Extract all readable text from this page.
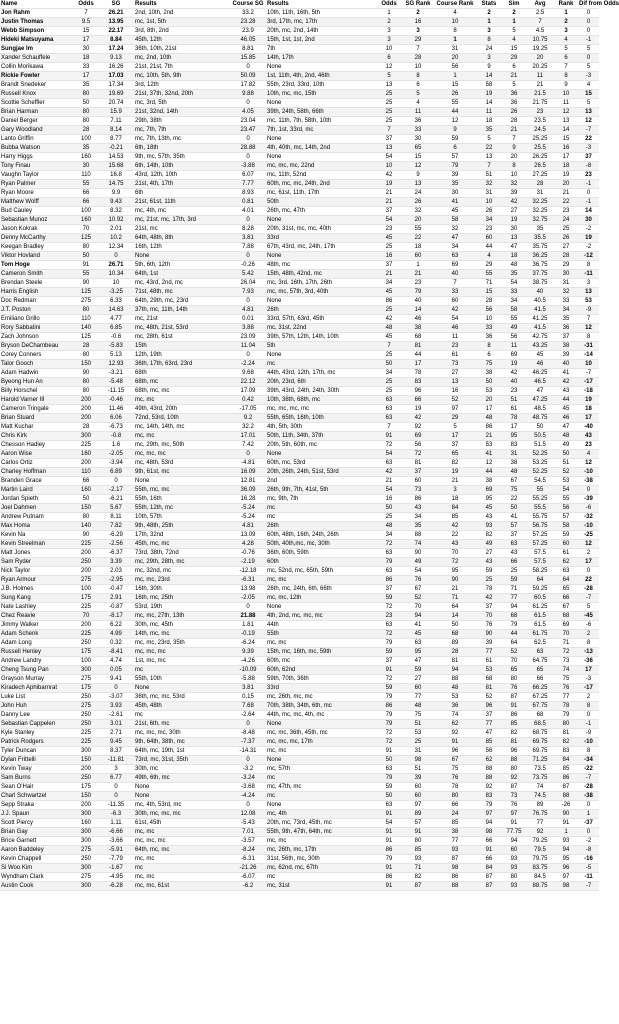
Name	Odds	SG	Results	Course SG	Results	Odds	SG Rank	Course Rank	Stats	Sim	Avg	Rank	Dif from Odds
Jon Rahm	7	26.21	2nd, 10th, 2nd	33.2	10th, 11th, 16th, 5th	1	2	4	2	2	2.5	1	0
Justin Thomas	9.5	13.95	mc, 1st, 5th	23.28	3rd, 17th, mc, 17th	2	16	10	1	1	7	2	0
Webb Simpson	15	22.17	3rd, 8th, 2nd	23.9	20th, mc, 2nd, 14th	3	3	8	3	5	4.5	3	0
Hideki Matsuyama	17	8.84	45th, 12th	46.05	15th, 1st, 1st, 2nd	3	29	1	8	4	10.75	4	-1
Sungjae Im	30	17.24	36th, 10th, 21st	8.81	7th	10	7	31	24	15	19.25	5	5
Xander Schauffele	18	9.13	mc, 2nd, 10th	15.85	14th, 17th	6	28	20	3	29	20	6	0
Collin Morikawa	33	16.26	21st, 21st, 7th	0	None	12	10	56	9	6	20.25	7	5
Rickie Fowler	17	17.03	mc, 10th, 5th, 9th	50.09	1st, 11th, 4th, 2nd, 46th	5	8	1	14	21	11	8	-3
Brandt Snedeker	35	17.34	3rd, 12th	17.82	55th, 23rd, 33rd, 10th	13	6	15	58	5	21	9	4
Russell Knox	80	19.69	21st, 37th, 32nd, 20th	9.88	10th, mc, mc, 15th	25	5	26	19	36	21.5	10	15
Scottie Scheffler	50	20.74	mc, 3rd, 5th	0	None	25	4	55	14	36	21.75	11	5
Brian Harman	80	15.9	21st, 32nd, 14th	4.05	39th, 24th, 58th, 66th	25	11	44	11	26	23	12	13
Daniel Berger	80	7.11	29th, 38th	23.04	mc, 11th, 7th, 58th, 10th	25	36	12	18	28	23.5	13	12
Gary Woodland	28	8.14	mc, 7th, 7th	23.47	7th, 1st, 33rd, mc	7	33	9	35	21	24.5	14	-7
Lanto Griffin	100	8.77	mc, 7th, 13th, mc	0	None	37	30	59	5	7	25.25	15	22
Bubba Watson	35	-0.21	6th, 18th	28.88	4th, 40th, mc, 14th, 2nd	13	65	6	22	9	25.5	16	-3
Harry Higgs	160	14.53	9th, mc, 57th, 35th	0	None	54	15	57	13	20	26.25	17	37
Tony Finau	30	15.68	6th, 14th, 10th	-3.88	mc, mc, mc, 22nd	10	12	79	7	8	26.5	18	-8
Vaughn Taylor	110	16.8	43rd, 12th, 10th	6.07	mc, 11th, 52nd	42	9	39	51	10	27.25	19	23
Ryan Palmer	55	14.75	21st, 4th, 17th	7.77	60th, mc, mc, 24th, 2nd	19	13	35	32	32	28	20	-1
Ryan Moore	66	9.9	6th	8.93	mc, 61st, 11th, 17th	21	24	30	31	39	31	21	0
Matthew Wolff	66	9.43	21st, 61st, 11th	0.81	50th	21	26	41	10	42	32.25	22	-1
Bud Cauley	100	8.32	mc, 4th, mc	4.01	26th, mc, 47th	37	32	45	26	27	32.25	23	14
Sebastian Munoz	160	10.92	mc, 21st, mc, 17th, 3rd	0	None	54	20	58	34	19	32.75	24	30
Jason Kokrak	70	2.01	21st, mc	8.28	20th, 31st, mc, mc, 40th	23	55	32	23	30	35	25	-2
Denny McCarthy	125	10.2	64th, 48th, 8th	3.81	33rd	45	22	47	60	13	35.5	26	19
Keegan Bradley	80	12.34	16th, 12th	7.88	67th, 43rd, mc, 24th, 17th	25	18	34	44	47	35.75	27	-2
Viktor Hovland	50	0	None	0	None	16	60	63	4	18	36.25	28	-12
Tom Hoge	91	26.71	5th, 6th, 12th	-0.26	48th, mc	37	1	69	29	48	36.75	29	8
Cameron Smith	55	10.34	64th, 1st	5.42	15th, 48th, 42nd, mc	21	21	40	55	35	37.75	30	-11
Brendan Steele	90	10	mc, 43rd, 2nd, mc	26.04	mc, 3rd, 16th, 17th, 26th	34	23	7	71	54	38.75	31	3
Harris English	125	-3.25	71st, 48th, mc	7.93	mc, mc, 57th, 3rd, 40th	45	79	33	15	33	40	32	13
Doc Redman	275	6.33	64th, 29th, mc, 23rd	0	None	86	40	60	28	34	40.5	33	53
J.T. Poston	80	14.63	37th, mc, 11th, 14th	4.81	26th	25	14	42	56	58	41.5	34	-9
Emiliano Grillo	110	4.77	mc, 21st	0.01	33rd, 57th, 63rd, 45th	42	46	54	10	55	41.25	35	7
Rory Sabbatini	140	6.85	mc, 48th, 21st, 53rd	3.88	mc, 31st, 22nd	48	38	46	33	49	41.5	36	12
Zach Johnson	125	-0.6	mc, 28th, 61st	23.09	39th, 57th, 12th, 14th, 10th	45	68	11	36	56	42.75	37	8
Bryson DeChambeau	28	-5.83	15th	11.04	5th	7	81	23	8	11	43.25	38	-31
Corey Conners	80	5.13	12th, 19th	0	None	25	44	61	6	69	45	39	-14
Talor Gooch	150	12.93	36th, 17th, 63rd, 23rd	-2.24	mc	50	17	73	75	19	46	40	10
Adam Hadwin	90	-3.21	68th	9.68	44th, 43rd, 12th, 17th, mc	34	78	27	38	42	46.25	41	-7
Byeong Hun An	80	-5.48	68th, mc	22.12	20th, 23rd, 6th	25	83	13	50	40	46.5	42	-17
Billy Horschel	80	-11.15	68th, mc, mc	17.09	39th, 43rd, 24th, 24th, 30th	25	96	16	53	23	47	43	-18
Harold Varner III	200	-0.46	mc, mc	0.42	10th, 38th, 68th, mc	63	66	52	20	51	47.25	44	19
Cameron Tringale	200	11.46	49th, 43rd, 20th	-17.05	mc, mc, mc, mc	63	19	97	17	61	48.5	45	18
Brian Stuard	200	6.06	72nd, 53rd, 10th	9.2	55th, 65th, 16th, 10th	63	42	29	48	78	48.75	46	17
Matt Kuchar	28	-6.73	mc, 14th, 14th, mc	32.2	4th, 5th, 30th	7	92	5	86	17	50	47	-40
Chris Kirk	300	-0.8	mc, mc	17.01	50th, 11th, 34th, 37th	91	69	17	21	95	50.5	48	43
Chesson Hadley	225	1.6	mc, 29th, mc, 50th	7.42	20th, 5th, 60th, mc	72	56	37	53	83	51.5	49	23
Aaron Wise	160	-2.05	mc, mc, mc	0	None	54	72	65	41	31	52.25	50	4
Carlos Ortiz	200	-3.94	mc, 48th, 53rd	-4.81	60th, mc, 53rd	63	81	82	12	38	53.25	51	12
Charley Hoffman	110	6.89	9th, 61st, mc	16.09	20th, 26th, 24th, 51st, 53rd	42	37	19	44	48	52.25	52	-10
Branden Grace	66	0	None	12.81	2nd	21	60	21	38	67	54.5	53	-38
Martin Laird	160	-2.17	55th, mc, mc	36.09	26th, 9th, 7th, 41st, 5th	54	73	3	69	75	55	54	0
Jordan Spieth	50	-6.21	55th, 16th	16.28	mc, 9th, 7th	16	86	18	95	22	55.25	55	-39
Joel Dahmen	150	5.67	55th, 12th, mc	-5.24	mc	50	43	84	45	50	55.5	56	-6
Andrew Putnam	80	8.11	10th, 57th	-5.24	mc	25	34	85	43	41	55.75	57	-32
Max Homa	140	7.82	9th, 48th, 25th	4.81	26th	48	35	42	93	57	56.75	58	-10
Kevin Na	90	-6.29	17th, 32nd	13.09	60th, 48th, 16th, 24th, 26th	34	88	22	82	37	57.25	59	-25
Kevin Streelman	225	-2.56	45th, mc, mc	4.28	50th, 40th,mc, mc, 30th	72	74	43	49	63	57.25	60	12
Matt Jones	200	-6.37	73rd, 38th, 72nd	-0.76	36th, 60th, 59th	63	90	70	27	43	57.5	61	2
Sam Ryder	250	3.39	mc, 29th, 28th, mc	-2.19	60th	79	49	72	43	66	57.5	62	17
Nick Taylor	200	2.03	mc, 32nd, mc	-12.18	mc, 52nd, mc, 65th, 59th	63	54	95	59	25	58.25	63	0
Ryan Armour	275	-2.95	mc, mc, 23rd	-6.31	mc, mc	86	76	90	25	59	64	64	22
J.B. Holmes	100	-0.47	16th, 30th	13.98	26th, mc, 24th, 6th, 66th	37	67	21	78	71	59.25	65	-28
Sung Kang	175	2.91	16th, mc, 25th	-2.05	mc, mc, 12th	59	52	71	42	77	60.5	66	-7
Nate Lashley	225	-0.87	53rd, 19th	0	None	72	70	64	37	94	61.25	67	5
Chez Reavie	70	-8.17	mc, mc, 27th, 13th	21.88	4th, 2nd, mc, mc, mc	23	94	14	70	68	61.5	68	-45
Jimmy Walker	200	6.22	30th, mc, 45th	1.81	44th	63	41	50	76	79	61.5	69	-6
Adam Schenk	225	4.99	14th, mc, mc	-0.19	55th	72	45	68	90	44	61.75	70	2
Adam Long	250	0.32	mc, mc, 23rd, 35th	-6.24	mc, mc	79	63	89	39	64	62.5	71	8
Russell Henley	175	-8.41	mc, mc, mc	9.39	15th, mc, 16th, mc, 59th	59	95	28	77	52	63	72	-13
Andrew Landry	100	4.74	1st, mc, mc	-4.26	60th, mc	37	47	81	61	70	64.75	73	-36
Cheng Tsung Pan	300	0.05	mc	-10.09	60th, 62nd	91	59	94	53	65	65	74	17
Grayson Murray	275	9.41	55th, 10th	-5.88	59th, 70th, 36th	72	27	88	68	80	66	75	-3
Kiradech Aphibarnrat	175	0	None	3.81	33rd	59	60	48	81	76	66.25	76	-17
Luke List	250	-3.07	36th, mc, mc, 53rd	0.15	mc, 26th, mc, mc	79	77	53	52	87	67.25	77	2
John Huh	275	3.93	45th, 48th	7.68	70th, 38th, 34th, 6th, mc	86	48	36	96	91	67.75	78	8
Danny Lee	250	-2.61	mc	-2.64	44th, mc, mc, 4th, mc	79	75	74	37	86	68	79	0
Sebastian Cappelen	250	3.01	21st, 6th, mc	0	None	79	51	62	77	85	68.5	80	-1
Kyle Stanley	225	2.71	mc, mc, mc, 30th	-8.48	mc, mc, 36th, 45th, mc	72	53	92	47	82	68.75	81	-9
Patrick Rodgers	225	9.45	9th, 64th, 38th, mc	-7.37	mc, mc, mc, 17th	72	25	91	85	81	69.75	82	-10
Tyler Duncan	300	8.37	64th, mc, 19th, 1st	-14.31	mc, mc	91	31	96	56	96	69.75	83	8
Dylan Frittelli	150	-11.81	73rd, mc, 31st, 35th	0	None	50	98	67	62	88	71.25	84	-34
Kevin Tway	200	3	30th, mc	-3.2	mc, 57th	63	51	75	88	80	73.5	85	-22
Sam Burns	250	6.77	49th, 6th, mc	-3.24	mc	79	39	76	88	92	73.75	86	-7
Sean O'Hair	175	0	None	-3.68	mc, 47th, mc	59	60	78	92	87	74	87	-28
Charl Schwartzel	150	0	None	-4.24	mc	50	60	80	83	73	74.5	88	-38
Sepp Straka	200	-11.35	mc, 4th, 53rd, mc	0	None	63	97	66	79	76	89	-26	0
J.J. Spaun	300	-6.3	30th, mc, mc, mc	12.08	mc, 4th	91	89	24	97	97	76.75	90	1
Scott Piercy	160	1.11	61st, 45th	-5.43	20th, mc, 73rd, 45th, mc	54	57	85	94	91	77	91	-37
Brian Gay	300	-6.66	mc, mc	7.01	55th, 9th, 47th, 64th, mc	91	91	38	98	77.75	92	1	0
Brice Garnett	300	-3.66	mc, mc, mc	-3.57	mc, mc	91	80	77	66	94	79.25	93	-2
Aaron Baddeley	275	-5.91	64th, mc, mc	-8.24	mc, 26th, mc, 17th	86	85	93	91	60	79.5	94	-8
Kevin Chappell	250	-7.79	mc, mc	-6.31	31st, 56th, mc, 30th	79	93	87	66	93	79.75	95	-16
Si Woo Kim	300	-1.67	mc	-21.26	mc, 62nd, mc, 67th	91	71	98	84	93	83.75	96	-5
Wyndham Clark	275	-4.95	mc, mc	-6.07	mc	86	82	86	87	80	84.5	97	-11
Austin Cook	300	-6.28	mc, mc, 61st	-6.2	mc, 31st	91	87	88	87	93	88.75	98	-7
